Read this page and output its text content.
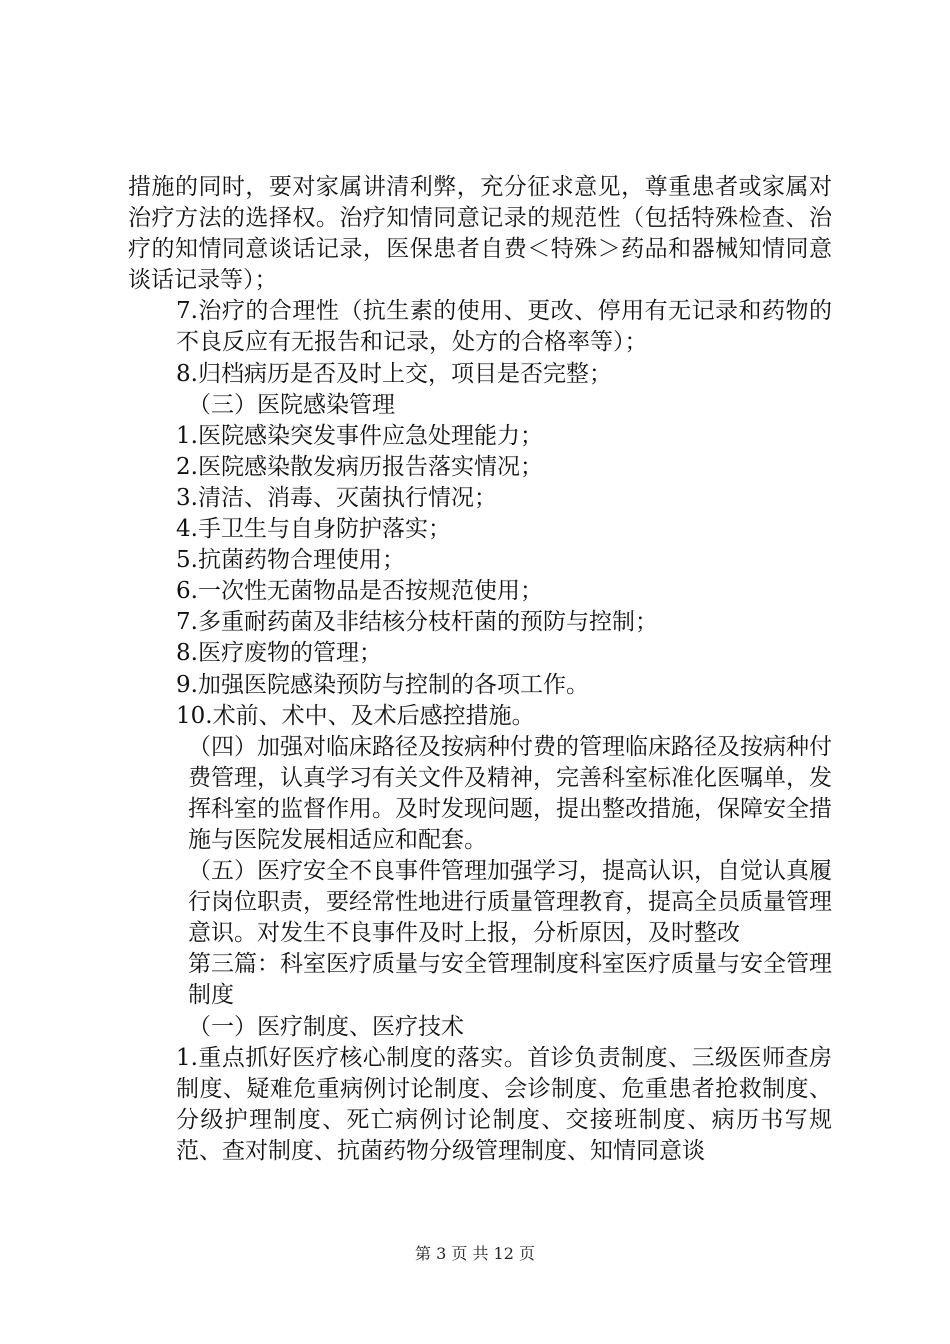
措施的同时，要对家属讲清利弊，充分征求意见，尊重患者或家属对治疗方法的选择权。治疗知情同意记录的规范性（包括特殊检查、治疗的知情同意谈话记录，医保患者自费＜特殊＞药品和器械知情同意谈话记录等）；

7.治疗的合理性（抗生素的使用、更改、停用有无记录和药物的不良反应有无报告和记录，处方的合格率等）；

8.归档病历是否及时上交，项目是否完整；

（三）医院感染管理

1.医院感染突发事件应急处理能力；

2.医院感染散发病历报告落实情况；

3.清洁、消毒、灭菌执行情况；

4.手卫生与自身防护落实；

5.抗菌药物合理使用；

6.一次性无菌物品是否按规范使用；

7.多重耐药菌及非结核分枝杆菌的预防与控制；

8.医疗废物的管理；

9.加强医院感染预防与控制的各项工作。

10.术前、术中、及术后感控措施。

（四）加强对临床路径及按病种付费的管理临床路径及按病种付费管理，认真学习有关文件及精神，完善科室标准化医嘱单，发挥科室的监督作用。及时发现问题，提出整改措施，保障安全措施与医院发展相适应和配套。

（五）医疗安全不良事件管理加强学习，提高认识，自觉认真履行岗位职责，要经常性地进行质量管理教育，提高全员质量管理意识。对发生不良事件及时上报，分析原因，及时整改

第三篇：科室医疗质量与安全管理制度科室医疗质量与安全管理制度

（一）医疗制度、医疗技术

1.重点抓好医疗核心制度的落实。首诊负责制度、三级医师查房制度、疑难危重病例讨论制度、会诊制度、危重患者抢救制度、分级护理制度、死亡病例讨论制度、交接班制度、病历书写规范、查对制度、抗菌药物分级管理制度、知情同意谈

第 3 页 共 12 页
